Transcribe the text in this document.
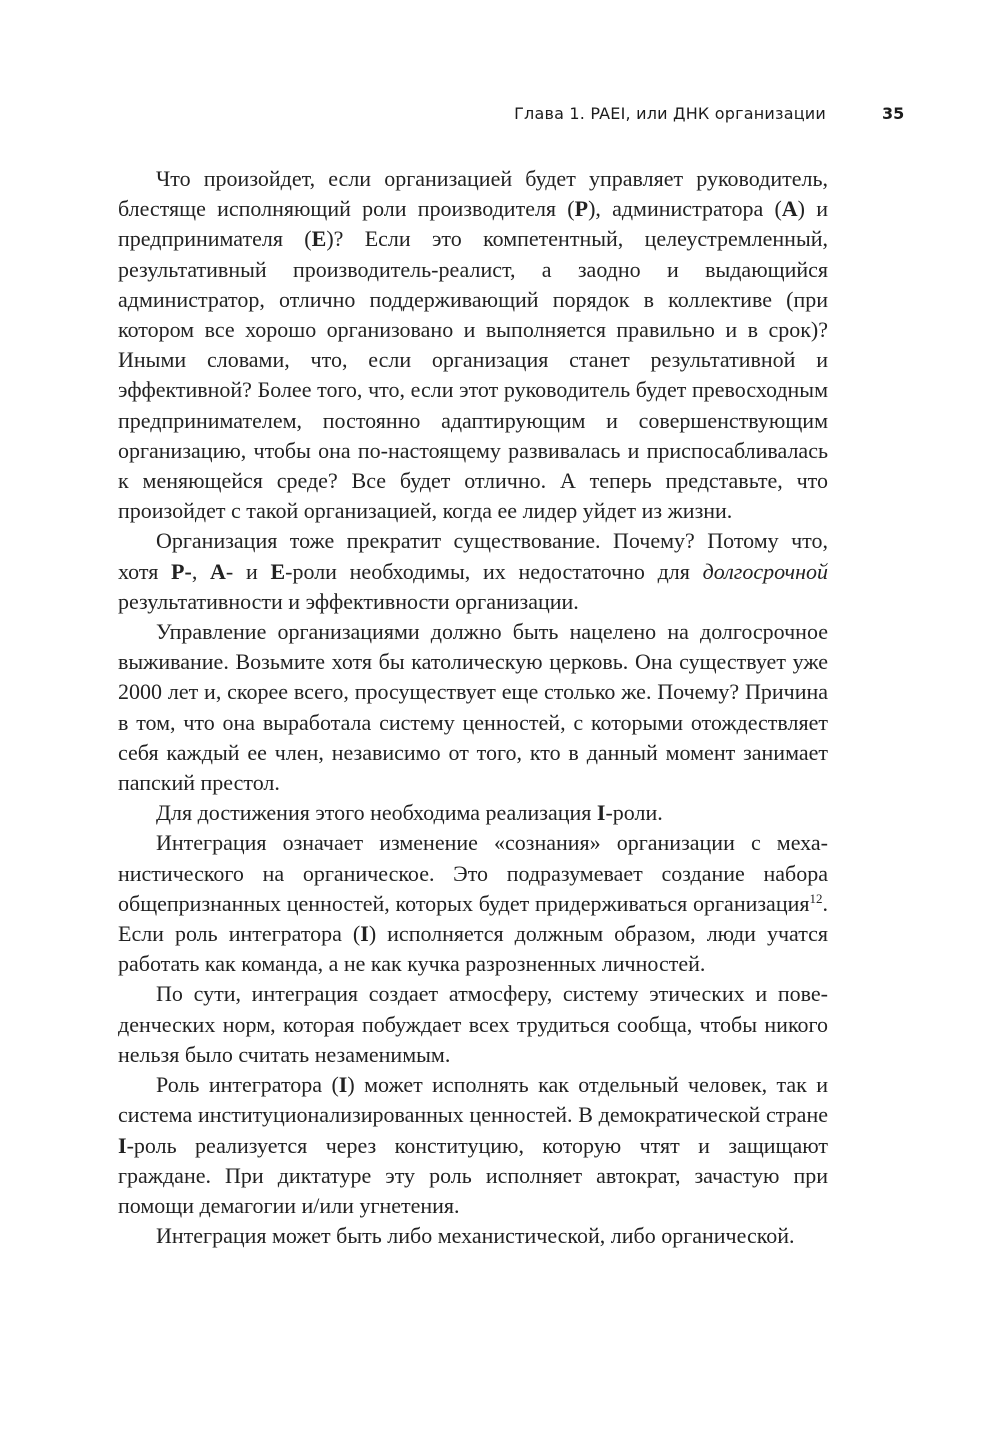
Глава 1. PAEI, или ДНК организации	35

Что произойдет, если организацией будет управляет руководитель, блестяще исполняющий роли производителя (P), администратора (A) и предпринимателя (E)? Если это компетентный, целеустремленный, результативный производитель-реалист, а заодно и выдающийся администратор, отлично поддерживающий порядок в коллективе (при котором все хорошо организовано и выполняется правильно и в срок)? Иными словами, что, если организация станет результативной и эффективной? Более того, что, если этот руководитель будет превосходным предпринимателем, постоянно адаптирующим и совершенствующим организацию, чтобы она по-настоящему развивалась и приспосабливалась к меняющейся среде? Все будет отлично. А теперь представьте, что произойдет с такой организацией, когда ее лидер уйдет из жизни.

Организация тоже прекратит существование. Почему? Потому что, хотя P-, A- и E-роли необходимы, их недостаточно для долгосрочной результативности и эффективности организации.

Управление организациями должно быть нацелено на долгосрочное выживание. Возьмите хотя бы католическую церковь. Она существует уже 2000 лет и, скорее всего, просуществует еще столько же. Почему? Причина в том, что она выработала систему ценностей, с которыми отождествляет себя каждый ее член, независимо от того, кто в данный момент занимает папский престол.

Для достижения этого необходима реализация I-роли.

Интеграция означает изменение «сознания» организации с механистического на органическое. Это подразумевает создание набора общепризнанных ценностей, которых будет придерживаться организация$^{12}$. Если роль интегратора (I) исполняется должным образом, люди учатся работать как команда, а не как кучка разрозненных личностей.

По сути, интеграция создает атмосферу, систему этических и поведенческих норм, которая побуждает всех трудиться сообща, чтобы никого нельзя было считать незаменимым.

Роль интегратора (I) может исполнять как отдельный человек, так и система институционализированных ценностей. В демократической стране I-роль реализуется через конституцию, которую чтят и защищают граждане. При диктатуре эту роль исполняет автократ, зачастую при помощи демагогии и/или угнетения.

Интеграция может быть либо механистической, либо органической.
